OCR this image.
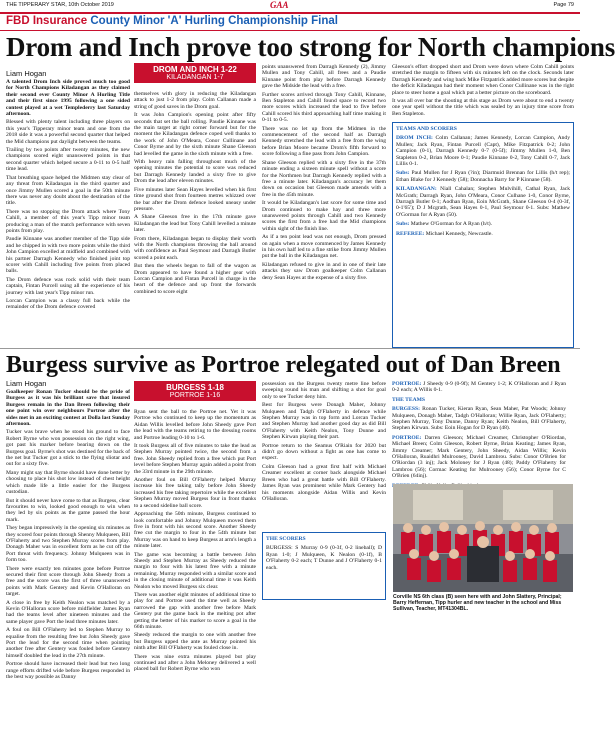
THE TIPPERARY STAR, 10th October 2019	GAA	Page 79
FBD Insurance County Minor 'A' Hurling Championship Final
Drom and Inch prove too strong for North champions
Liam Hogan

A talented Drom Inch side proved much too good for North Champions Kiladangan as they claimed their second ever County Minor A Hurling Title and their first since 1995 following a one sided contest played at a wet Templederry last Saturday afternoon.

Blessed with plenty talent including three players on this year's Tipperary minor team and one from the 2018 side it was a powerful second quarter that helped the Mid champions put daylight between the teams.

Trailing by two points after twenty minutes, the new champions scored eight unanswered points in that second quarter which helped secure a 0-11 to 0-5 half time lead.

That breathing space helped the Midmen stay clear of any threat from Kiladangan in the third quarter and once Jimmy Mullen scored a goal in the 50th minute there was never any doubt about the destination of the title.

There was no stopping the Drom attack where Tony Cahill, a member of this year's Tipp minor team producing a man of the match performance with seven points from play.

Paudie Kinnane was another member of the Tipp side and he chipped in with two more points while the third John Campion excelled at midfield and combined with his partner Darragh Kennedy who finished joint top scorer with Cahill including five points from placed balls.

The Drom defence was rock solid with their team captain, Fintan Purcell using all the experience of his journey with last year's Tipp minor run.

Lorcan Campion was a classy full back while the remainder of the Drom defence covered

DROM AND INCH 1-22
KILADANGAN 1-7

themselves with glory in reducing the Kiladangan attack to just 1-2 from play. Colm Callanan made a string of good saves in the Drom goal.

It was John Campion's opening point after fifty seconds that set the ball rolling. Paudie Kinnane was the main target at right corner forward but for the moment the Kiladangan defence coped well thanks to the work of John O'Meara, Conor Cullinane and Conor Byrne and by the sixth minute Shane Gleeson had levelled the game in the sixth minute with a free.

With heavy rain falling throughout much of the opening minutes the potential to score was reduced but Darragh Kennedy landed a sixty five to give Drom the lead after eleven minutes.

Five minutes later Sean Hayes levelled when his first time ground shot from fourteen metres whizzed over the bar after the Drom defence looked uneasy under pressure.

A Shane Gleeson free in the 17th minute gave Kiladangan the lead but Tony Cahill levelled a minute later.

From there, Kiladangan began to display their worth with the North champions throwing the ball around with confidence as Paul Seymour and Darragh Butler scored a point each.

But then the wheels began to fall of the wagon as Drom appeared to have found a higher gear with Lorcan Campion and Fintan Purcell in charge in the heart of the defence and up front the forwards combined to score eight

points unanswered from Darragh Kennedy (2), Jimmy Mullen and Tony Cahill, all frees and a Paudie Kinnane point from play before Darragh Kennedy gave the Midside the lead with a free.

Further scores arrived through Tony Cahill, Kinnane, Ben Stapleton and Cahill found space to record two more scores which increased the lead to five before Cahill scored his third approaching half time making it 0-11 to 0-5.

There was no let up from the Midmen in the commencement of the second half as Darragh Kennedy stretched the lead with a free from the wing before Brian Moore became Drom's fifth forward to score following a fine pass from John Campion.

Shane Gleeson replied with a sixty five in the 37th minute ending a sixteen minute spell without a score for the Northmen but Darragh Kennedy replied with a free a minute later. Kiladangan's accuracy let them down on occasion but Gleeson made amends with a free in the 45th minute.

It would be Kiladangan's last score for some time and Drom continued to make hay and three more unanswered points through Cahill and two Kennedy scores the first from a free had the Mid champions within sight of the finish line.

As if a ten point lead was not enough, Drom pressed on again when a move commenced by James Kennedy in his own half led to a fine strike from Jimmy Mullen put the ball in the Kiladangan net.

Kiladangan refused to give in and in one of their late attacks they saw Drom goalkeeper Colm Callanan deny Sean Hayes at the expense of a sixty five.

Gleeson's effort dropped short and Drom were down where Colm Cahill points stretched the margin to fifteen with six minutes left on the clock. Seconds later Darragh Kennedy and wing back Mike Fitzpatrick added more scores but despite the deficit Kiladangan had their moment when Conor Cullinane was in the right place to steer home a goal which put a better picture on the scoreboard.

It was all over bar the shouting at this stage as Drom were about to end a twenty one year spell without the title which was sealed by an injury time score from Ben Stapleton.

TEAMS AND SCORERS

DROM INCH: Colm Callanan; James Kennedy, Lorcan Campion, Andy Mullen; Jack Ryan, Fintan Purcell (Capt), Mike Fitzpatrick 0-2; John Campion (0-1), Darragh Kennedy 0-7 (0-5f); Jimmy Mullen 1-0, Ben Stapleton 0-2, Brian Moore 0-1; Paudie Kinnane 0-2, Tony Cahill 0-7, Jack Lillis 0-1.

Subs: Paul Mullen for J Ryan (?in); Diarmuid Brennan for Lillis (h/t rep); Ethan Blake for J Kennedy (58); Donnacha Barry for P Kinnane (58).

KILADANGAN: Niall Cahalan; Stephen Mulvihill, Cathal Ryan, Jack McGrath; Darragh Ryan, John O'Meara, Conor Culhane 1-0, Conor Byrne, Darragh Butler 0-1; Aodhan Ryan, Eoin McGrath, Shane Gleeson 0-4 (0-3f, 0-1'65'); D J Mcgrath, Sean Hayes 0-1, Paul Seymour 0-1. Subs: Mathew O'Gorman for A Ryan (50).

Subs: Mathew O'Gorman for A Ryan (h/t).

REFEREE: Michael Kennedy, Newcastle.

Burgess survive as Portroe relegated out of Dan Breen
Liam Hogan

Goalkeeper Ronan Tucker should be the pride of Burgess as it was his brilliant save that insured Burgess remain in the Dan Breen following their one point win over neighbours Portroe after the sides met in an exciting contest at Dolla last Sunday afternoon.

Tucker was brave when he stood his ground to face Robert Byrne who won possession on the right wing, got past his marker before bearing down on the Burgess goal. Byrne's shot was destined for the back of the net but Tucker got a stick to the flying sliotar and out for a sixty five.

Many might say that Byrne should have done better by choosing to place his shot low instead of chest height which made life a little easier for the Burgess custodian.

But it should never have come to that as Burgess, clear favourites to win, looked good enough to win when they led by six points as the game passed the hour mark.

They began impressively in the opening six minutes as they scored four points through Shenny Mulqueen, Bill O'Flaherty and two Stephen Murray scores from play. Donagh Maher was in excellent form as he cut off the Port threat with frequency. Johnny Mulqueen was in form too.

There were exactly ten minutes gone before Portroe secured their first score through John Sheedy from a free and the score was the first of three unanswered points with Mark Gentery and Kevin O'Halloran on target.

A close in free by Keith Nealon was matched by a Kevin O'Halloran score before midfielder James Ryan had the teams level after nineteen minutes and the same player gave Port the lead three minutes later.

A foul on Bill O'Flaherty led to Stephen Murray to equalise from the resulting free but John Sheedy gave Port the lead for the second time when pointing another free after Gentery was fouled before Gentery himself doubled the lead in the 27th minute.

Portroe should have increased their lead but two long range efforts drifted wide before Burgess responded in the best way possible as Danny

BURGESS 1-18
PORTROE 1-16

Ryan sent the ball to the Portroe net. Yet it was Portroe who continued to keep up the momentum as Aidan Willis levelled before John Sheedy gave Port the lead with the teams retiring to the dressing rooms and Portroe leading 0-10 to 1-6.

It took Burgess all of five minutes to take the lead as Stephen Murray pointed twice, the second from a free. John Sheedy replied from a free which put Port level before Stephen Murray again added a point from the 33rd minute in the 29th minute.

Another foul on Bill O'Flaherty helped Murray increase his free taking tally before John Sheedy increased his free taking repertoire while the excellent Stephen Murray moved Burgess four in front thanks to a second sideline ball score.

Approaching the 50th minute, Burgess continued to look comfortable and Johnny Mulqueen moved them five in front with his second score. Another Sheedy free cut the margin to four in the 54th minute but Murray was on hand to keep Burgess at arm's length a minute later.

The game was becoming a battle between John Sheedy and Stephen Murray as Sheedy reduced the margin to four with his latest free with a minute remaining. Murray responded with a similar score and in the closing minute of additional time it was Keith Nealon who moved Burgess six clear.

There was another eight minutes of additional time to play for and Portroe used the time well as Sheedy narrowed the gap with another free before Mark Gentery put the game back in the melting pot after getting the better of his marker to score a goal in the 66th minute.

Sheedy reduced the margin to one with another free but Burgess upped the ante as Murray pointed his ninth after Bill O'Flaherty was fouled close in.

There was nine extra minutes played but play continued and after a John Meloney delivered a well placed ball for Robert Byrne who won

possession on the Burgess twenty metre line before sweeping round his man and shifting a shot for goal only to see Tucker deny him.

Best for Burgess were Donagh Maher, Johnny Mulqueen and Tadgh O'Flaherty in defence while Stephen Murray was in top form and Lorcan Tucker and Stephen Murray had another good day as did Bill O'Flaherty with Keith Nealon, Tony Dunne and Stephen Kirwan playing their part.

Portroe return to the Seamus O'Riain for 2020 but didn't go down without a fight as one has come to expect.

Colm Gleeson had a great first half with Michael Creamer excellent at corner back alongside Michael Breen who had a great battle with Bill O'Flaherty. James Ryan was prominent while Mark Gentery had his moments alongside Aidan Willis and Kevin O'Halloran.

THE SCORERS

BURGESS: S Murray 0-9 (0-3f, 0-2 lineball); D Ryan 1-0; J Mulqueen, K Nealon (0-1f), B O'Flaherty 0-2 each; T Dunne and J O'Flaherty 0-1 each.

PORTROE: J Sheedy 0-9 (0-9f); M Gentery 1-2; K O'Halloran and J Ryan 0-2 each; A Willis 0-1.

THE TEAMS

BURGESS: Ronan Tucker, Kieran Ryan, Sean Maher, Pat Woods; Johnny Mulqueen, Donagh Maher, Tadgh O'Halloran; Willie Ryan, Jack O'Flaherty; Stephen Murray, Tony Dunne, Danny Ryan; Keith Nealon, Bill O'Flaherty, Stephen Kirwan. Subs: Eoin Hogan for D Ryan (48).

PORTROE: Darren Gleeson; Michael Creamer, Christopher O'Riordan, Michael Breen; Colm Gleeson, Robert Byrne, Brian Keating; James Ryan, Jimmy Creamer; Mark Gentery, John Sheedy, Aidan Willis; Kevin O'Halloran, Ruaidhri Mulrooney, David Lambrou. Subs: Conor O'Brien for O'Riordan (3 inj); Jack Moloney for J Ryan (48); Paddy O'Flaherty for Lambrou (56); Cormac Keating for Mulrooney (56); Conor Byrne for C O'Brien (64inj).

Corville NS 6th class (B) seen here with and John Slattery, Principal; Barry Heffernan, Tipp hurler and new teacher in the school and Miss Sullivan, Teacher, MT41304BL.
